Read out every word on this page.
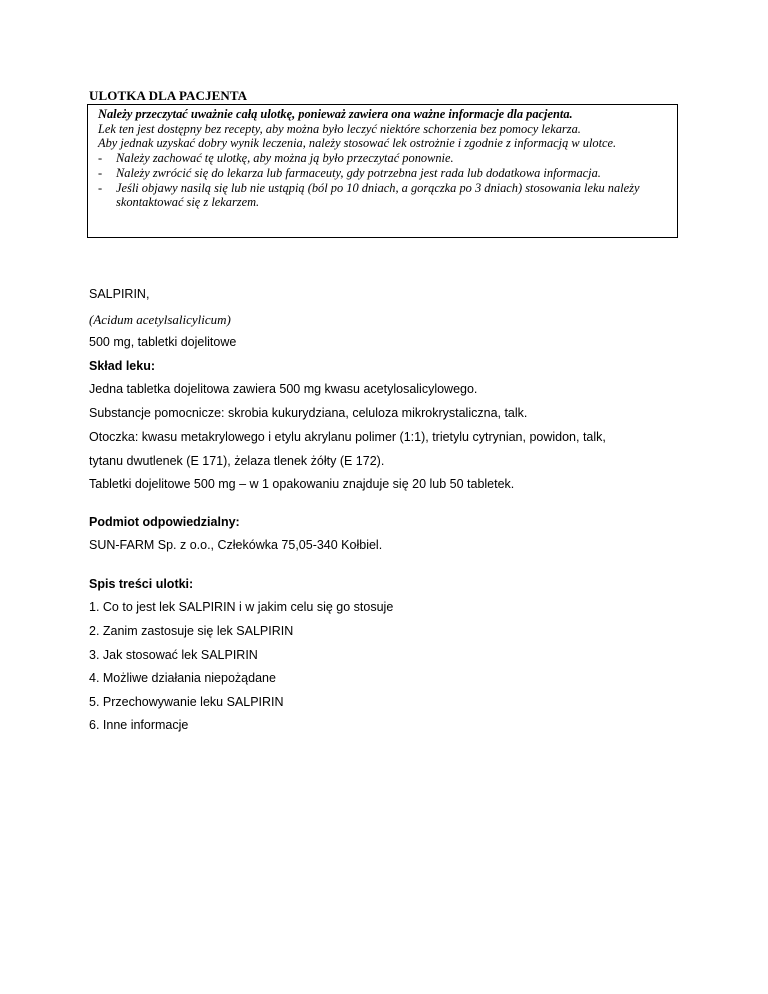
ULOTKA DLA PACJENTA

Należy przeczytać uważnie całą ulotkę, ponieważ zawiera ona ważne informacje dla pacjenta.

Lek ten jest dostępny bez recepty, aby można było leczyć niektóre schorzenia bez pomocy lekarza.

Aby jednak uzyskać dobry wynik leczenia, należy stosować lek ostrożnie i zgodnie z informacją w ulotce.

-	Należy zachować tę ulotkę, aby można ją było przeczytać ponownie.
-	Należy zwrócić się do lekarza lub farmaceuty, gdy potrzebna jest rada lub dodatkowa informacja.
-	Jeśli objawy nasilą się lub nie ustąpią (ból po 10 dniach, a gorączka po 3 dniach) stosowania leku należy skontaktować się z lekarzem.
SALPIRIN,
(Acidum acetylsalicylicum)
500 mg, tabletki dojelitowe
Skład leku:
Jedna tabletka dojelitowa zawiera 500 mg kwasu acetylosalicylowego.
Substancje pomocnicze: skrobia kukurydziana, celuloza mikrokrystaliczna, talk.
Otoczka: kwasu metakrylowego i etylu akrylanu polimer (1:1), trietylu cytrynian, powidon, talk,
tytanu dwutlenek (E 171), żelaza tlenek żółty (E 172).
Tabletki dojelitowe 500 mg – w 1 opakowaniu znajduje się 20 lub 50 tabletek.
Podmiot odpowiedzialny:
SUN-FARM Sp. z o.o., Człekówka 75,05-340 Kołbiel.
Spis treści ulotki:
1. Co to jest lek SALPIRIN i w jakim celu się go stosuje
2. Zanim zastosuje się lek SALPIRIN
3. Jak stosować lek SALPIRIN
4. Możliwe działania niepożądane
5. Przechowywanie leku SALPIRIN
6. Inne informacje
